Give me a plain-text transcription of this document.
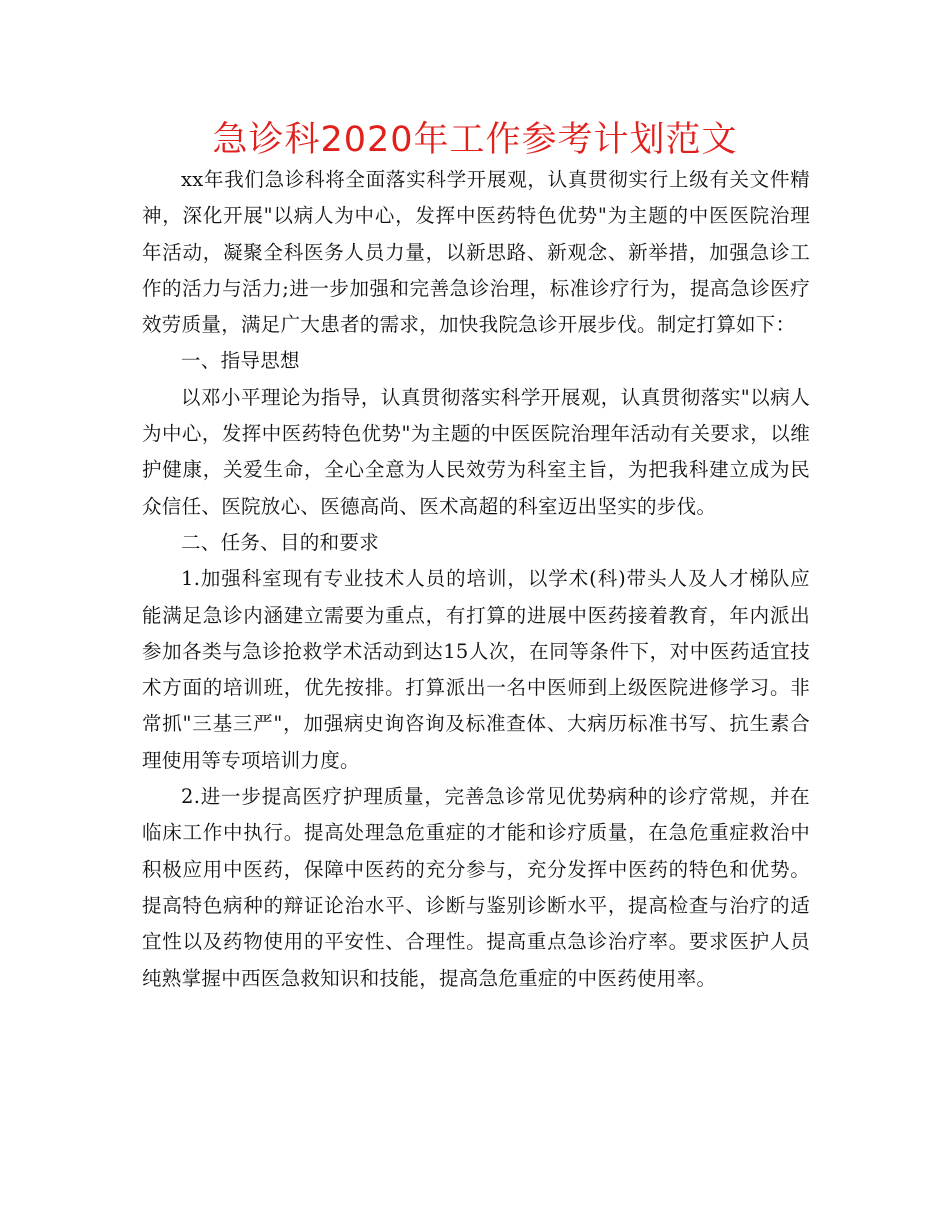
急诊科2020年工作参考计划范文

xx年我们急诊科将全面落实科学开展观，认真贯彻实行上级有关文件精神，深化开展"以病人为中心，发挥中医药特色优势"为主题的中医医院治理年活动，凝聚全科医务人员力量，以新思路、新观念、新举措，加强急诊工作的活力与活力;进一步加强和完善急诊治理，标准诊疗行为，提高急诊医疗效劳质量，满足广大患者的需求，加快我院急诊开展步伐。制定打算如下：

一、指导思想

以邓小平理论为指导，认真贯彻落实科学开展观，认真贯彻落实"以病人为中心，发挥中医药特色优势"为主题的中医医院治理年活动有关要求，以维护健康，关爱生命，全心全意为人民效劳为科室主旨，为把我科建立成为民众信任、医院放心、医德高尚、医术高超的科室迈出坚实的步伐。

二、任务、目的和要求

1.加强科室现有专业技术人员的培训，以学术(科)带头人及人才梯队应能满足急诊内涵建立需要为重点，有打算的进展中医药接着教育，年内派出参加各类与急诊抢救学术活动到达15人次，在同等条件下，对中医药适宜技术方面的培训班，优先按排。打算派出一名中医师到上级医院进修学习。非常抓"三基三严"，加强病史询咨询及标准查体、大病历标准书写、抗生素合理使用等专项培训力度。

2.进一步提高医疗护理质量，完善急诊常见优势病种的诊疗常规，并在临床工作中执行。提高处理急危重症的才能和诊疗质量，在急危重症救治中积极应用中医药，保障中医药的充分参与，充分发挥中医药的特色和优势。提高特色病种的辩证论治水平、诊断与鉴别诊断水平，提高检查与治疗的适宜性以及药物使用的平安性、合理性。提高重点急诊治疗率。要求医护人员纯熟掌握中西医急救知识和技能，提高急危重症的中医药使用率。
